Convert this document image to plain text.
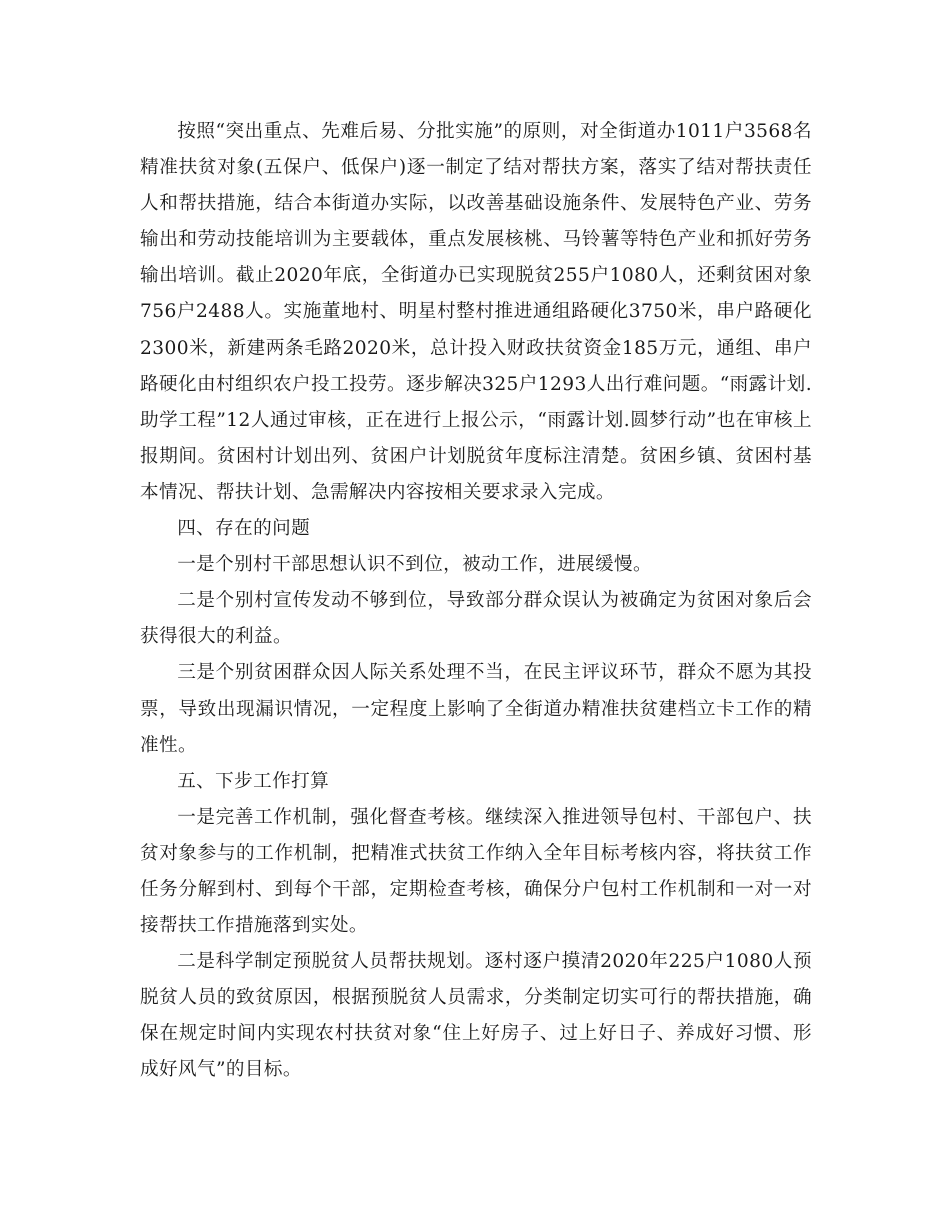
按照“突出重点、先难后易、分批实施”的原则，对全街道办1011户3568名精准扶贫对象(五保户、低保户)逐一制定了结对帮扶方案，落实了结对帮扶责任人和帮扶措施，结合本街道办实际，以改善基础设施条件、发展特色产业、劳务输出和劳动技能培训为主要载体，重点发展核桃、马铃薯等特色产业和抓好劳务输出培训。截止2020年底，全街道办已实现脱贫255户1080人，还剩贫困对象756户2488人。实施董地村、明星村整村推进通组路硬化3750米，串户路硬化2300米，新建两条毛路2020米，总计投入财政扶贫资金185万元，通组、串户路硬化由村组织农户投工投劳。逐步解决325户1293人出行难问题。“雨露计划.助学工程”12人通过审核，正在进行上报公示，“雨露计划.圆梦行动”也在审核上报期间。贫困村计划出列、贫困户计划脱贫年度标注清楚。贫困乡镇、贫困村基本情况、帮扶计划、急需解决内容按相关要求录入完成。

四、存在的问题

一是个别村干部思想认识不到位，被动工作，进展缓慢。

二是个别村宣传发动不够到位，导致部分群众误认为被确定为贫困对象后会获得很大的利益。

三是个别贫困群众因人际关系处理不当，在民主评议环节，群众不愿为其投票，导致出现漏识情况，一定程度上影响了全街道办精准扶贫建档立卡工作的精准性。

五、下步工作打算

一是完善工作机制，强化督查考核。继续深入推进领导包村、干部包户、扶贫对象参与的工作机制，把精准式扶贫工作纳入全年目标考核内容，将扶贫工作任务分解到村、到每个干部，定期检查考核，确保分户包村工作机制和一对一对接帮扶工作措施落到实处。

二是科学制定预脱贫人员帮扶规划。逐村逐户摸清2020年225户1080人预脱贫人员的致贫原因，根据预脱贫人员需求，分类制定切实可行的帮扶措施，确保在规定时间内实现农村扶贫对象“住上好房子、过上好日子、养成好习惯、形成好风气”的目标。
